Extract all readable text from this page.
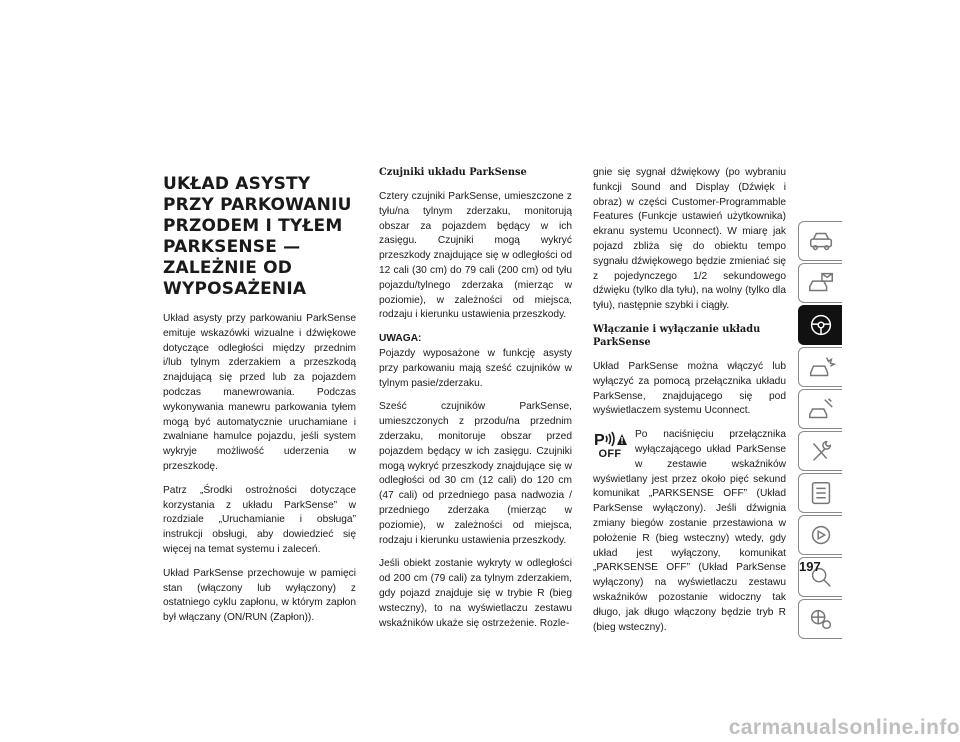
UKŁAD ASYSTY PRZY PARKOWANIU PRZODEM I TYŁEM PARKSENSE — ZALEŻNIE OD WYPOSAŻENIA

Układ asysty przy parkowaniu ParkSense emituje wskazówki wizualne i dźwiękowe dotyczące odległości między przednim i/lub tylnym zderzakiem a przeszkodą znajdującą się przed lub za pojazdem podczas manewrowania. Podczas wykonywania manewru parkowania tyłem mogą być automatycznie uruchamiane i zwalniane hamulce pojazdu, jeśli system wykryje możliwość uderzenia w przeszkodę.

Patrz „Środki ostrożności dotyczące korzystania z układu ParkSense” w rozdziale „Uruchamianie i obsługa” instrukcji obsługi, aby dowiedzieć się więcej na temat systemu i zaleceń.

Układ ParkSense przechowuje w pamięci stan (włączony lub wyłączony) z ostatniego cyklu zapłonu, w którym zapłon był włączany (ON/RUN (Zapłon)).

Czujniki układu ParkSense

Cztery czujniki ParkSense, umieszczone z tyłu/na tylnym zderzaku, monitorują obszar za pojazdem będący w ich zasięgu. Czujniki mogą wykryć przeszkody znajdujące się w odległości od 12 cali (30 cm) do 79 cali (200 cm) od tyłu pojazdu/tylnego zderzaka (mierząc w poziomie), w zależności od miejsca, rodzaju i kierunku ustawienia przeszkody.

UWAGA:
Pojazdy wyposażone w funkcję asysty przy parkowaniu mają sześć czujników w tylnym pasie/zderzaku.

Sześć czujników ParkSense, umieszczonych z przodu/na przednim zderzaku, monitoruje obszar przed pojazdem będący w ich zasięgu. Czujniki mogą wykryć przeszkody znajdujące się w odległości od 30 cm (12 cali) do 120 cm (47 cali) od przedniego pasa nadwozia / przedniego zderzaka (mierząc w poziomie), w zależności od miejsca, rodzaju i kierunku ustawienia przeszkody.

Jeśli obiekt zostanie wykryty w odległości od 200 cm (79 cali) za tylnym zderzakiem, gdy pojazd znajduje się w trybie R (bieg wsteczny), to na wyświetlaczu zestawu wskaźników ukaże się ostrzeżenie. Rozle-

gnie się sygnał dźwiękowy (po wybraniu funkcji Sound and Display (Dźwięk i obraz) w części Customer-Programmable Features (Funkcje ustawień użytkownika) ekranu systemu Uconnect). W miarę jak pojazd zbliża się do obiektu tempo sygnału dźwiękowego będzie zmieniać się z pojedynczego 1/2 sekundowego dźwięku (tylko dla tyłu), na wolny (tylko dla tyłu), następnie szybki i ciągły.

Włączanie i wyłączanie układu ParkSense

Układ ParkSense można włączyć lub wyłączyć za pomocą przełącznika układu ParkSense, znajdującego się pod wyświetlaczem systemu Uconnect.

P
OFF

Po naciśnięciu przełącznika wyłączającego układ ParkSense w zestawie wskaźników wyświetlany jest przez około pięć sekund komunikat „PARKSENSE OFF” (Układ ParkSense wyłączony). Jeśli dźwignia zmiany biegów zostanie przestawiona w położenie R (bieg wsteczny) wtedy, gdy układ jest wyłączony, komunikat „PARKSENSE OFF” (Układ ParkSense wyłączony) na wyświetlaczu zestawu wskaźników pozostanie widoczny tak długo, jak długo włączony będzie tryb R (bieg wsteczny).

197
carmanualsonline.info
